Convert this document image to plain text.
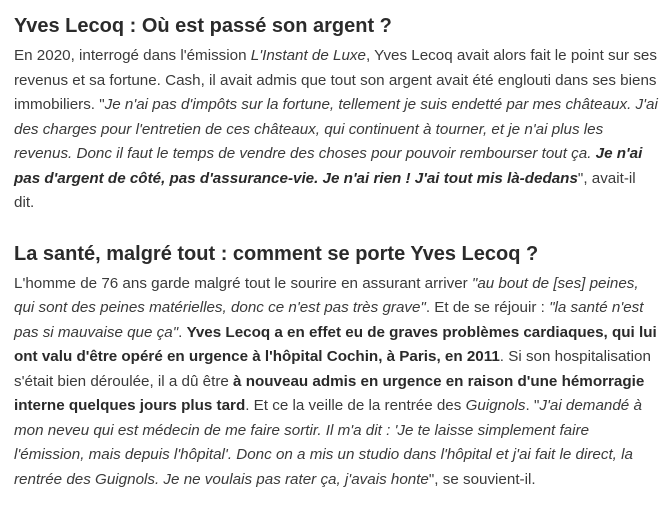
Yves Lecoq : Où est passé son argent ?

En 2020, interrogé dans l'émission L'Instant de Luxe, Yves Lecoq avait alors fait le point sur ses revenus et sa fortune. Cash, il avait admis que tout son argent avait été englouti dans ses biens immobiliers. "Je n'ai pas d'impôts sur la fortune, tellement je suis endetté par mes châteaux. J'ai des charges pour l'entretien de ces châteaux, qui continuent à tourner, et je n'ai plus les revenus. Donc il faut le temps de vendre des choses pour pouvoir rembourser tout ça. Je n'ai pas d'argent de côté, pas d'assurance-vie. Je n'ai rien ! J'ai tout mis là-dedans", avait-il dit.

La santé, malgré tout : comment se porte Yves Lecoq ?

L'homme de 76 ans garde malgré tout le sourire en assurant arriver "au bout de [ses] peines, qui sont des peines matérielles, donc ce n'est pas très grave". Et de se réjouir : "la santé n'est pas si mauvaise que ça". Yves Lecoq a en effet eu de graves problèmes cardiaques, qui lui ont valu d'être opéré en urgence à l'hôpital Cochin, à Paris, en 2011. Si son hospitalisation s'était bien déroulée, il a dû être à nouveau admis en urgence en raison d'une hémorragie interne quelques jours plus tard. Et ce la veille de la rentrée des Guignols. "J'ai demandé à mon neveu qui est médecin de me faire sortir. Il m'a dit : 'Je te laisse simplement faire l'émission, mais depuis l'hôpital'. Donc on a mis un studio dans l'hôpital et j'ai fait le direct, la rentrée des Guignols. Je ne voulais pas rater ça, j'avais honte", se souvient-il.
